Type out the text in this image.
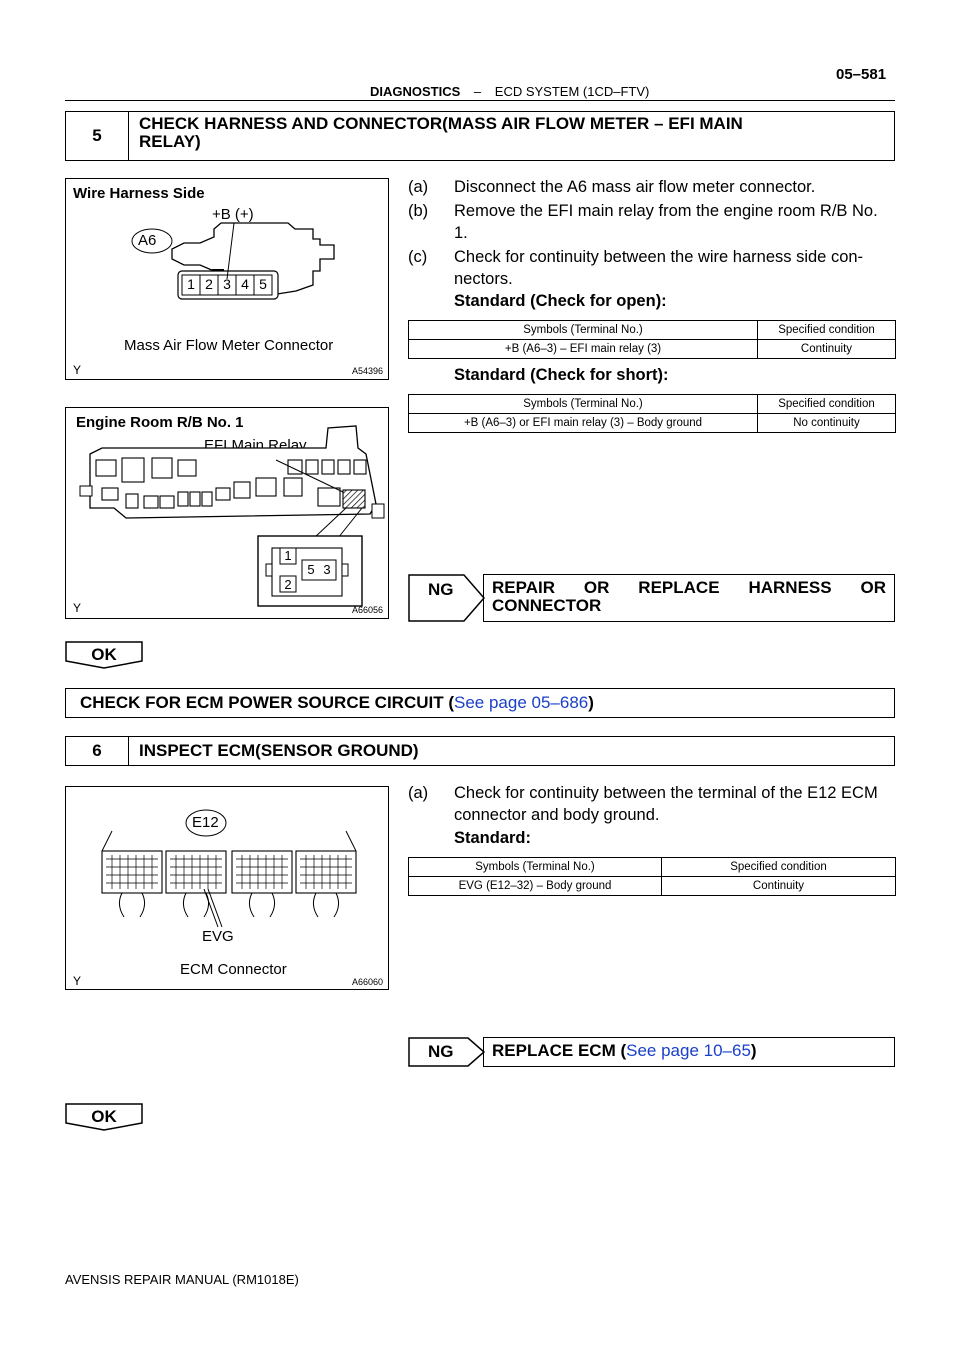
DIAGNOSTICS – ECD SYSTEM (1CD–FTV)
05–581
5
CHECK HARNESS AND CONNECTOR(MASS AIR FLOW METER – EFI MAIN
RELAY)
Wire Harness Side
+B (+)
A6
1 2 3 4 5
Mass Air Flow Meter Connector
Y	A54396
Engine Room R/B No. 1
EFI Main Relay
1
2
5 3
Y	A66056
(a) Disconnect the A6 mass air flow meter connector.
(b) Remove the EFI main relay from the engine room R/B No.
1.
(c) Check for continuity between the wire harness side con-
nectors.
Standard (Check for open):
Symbols (Terminal No.)	Specified condition
+B (A6–3) – EFI main relay (3)	Continuity
Standard (Check for short):
Symbols (Terminal No.)	Specified condition
+B (A6–3) or EFI main relay (3) – Body ground	No continuity
NG REPAIR OR REPLACE HARNESS OR
CONNECTOR
OK
CHECK FOR ECM POWER SOURCE CIRCUIT (See page 05–686)
6	INSPECT ECM(SENSOR GROUND)
E12
EVG
ECM Connector
Y	A66060
(a) Check for continuity between the terminal of the E12 ECM
connector and body ground.
Standard:
Symbols (Terminal No.)	Specified condition
EVG (E12–32) – Body ground	Continuity
NG	REPLACE ECM (See page 10–65)
OK
AVENSIS REPAIR MANUAL (RM1018E)
